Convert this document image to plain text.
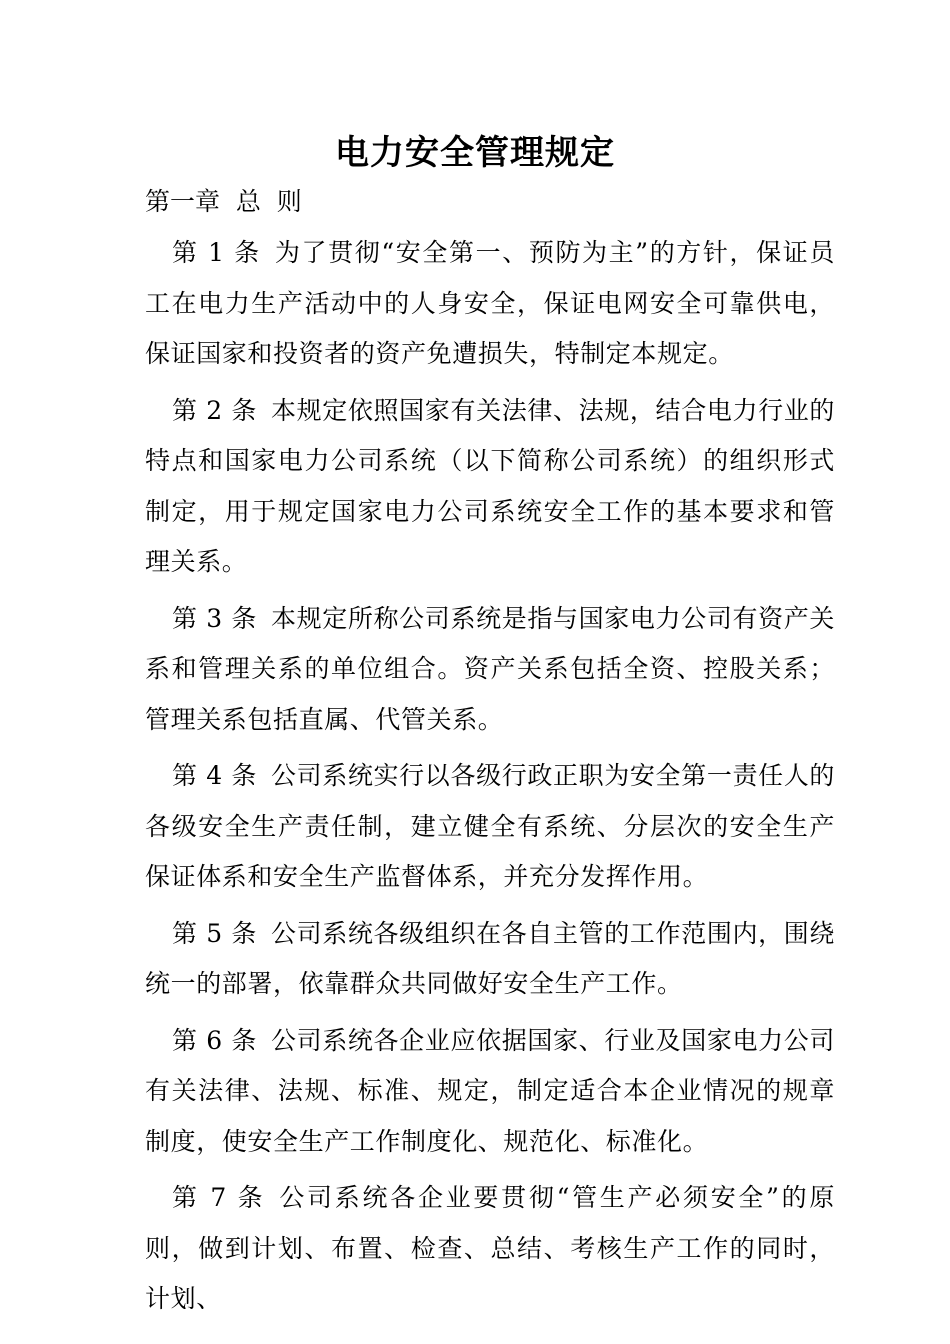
电力安全管理规定

第一章  总  则

第 1 条 为了贯彻“安全第一、预防为主”的方针，保证员工在电力生产活动中的人身安全，保证电网安全可靠供电，保证国家和投资者的资产免遭损失，特制定本规定。

第 2 条 本规定依照国家有关法律、法规，结合电力行业的特点和国家电力公司系统（以下简称公司系统）的组织形式制定，用于规定国家电力公司系统安全工作的基本要求和管理关系。

第 3 条 本规定所称公司系统是指与国家电力公司有资产关系和管理关系的单位组合。资产关系包括全资、控股关系；管理关系包括直属、代管关系。

第 4 条 公司系统实行以各级行政正职为安全第一责任人的各级安全生产责任制，建立健全有系统、分层次的安全生产保证体系和安全生产监督体系，并充分发挥作用。

第 5 条 公司系统各级组织在各自主管的工作范围内，围绕统一的部署，依靠群众共同做好安全生产工作。

第 6 条 公司系统各企业应依据国家、行业及国家电力公司有关法律、法规、标准、规定，制定适合本企业情况的规章制度，使安全生产工作制度化、规范化、标准化。

第 7 条 公司系统各企业要贯彻“管生产必须安全”的原则，做到计划、布置、检查、总结、考核生产工作的同时，计划、
